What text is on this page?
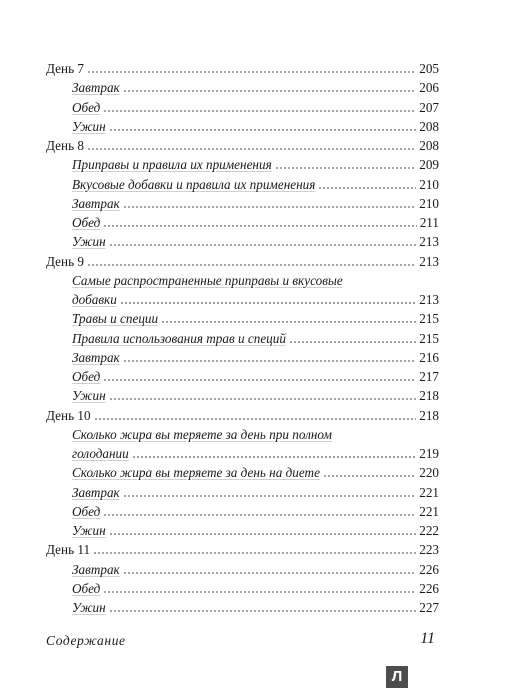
День 7	205
Завтрак	206
Обед	207
Ужин	208
День 8	208
Приправы и правила их применения	209
Вкусовые добавки и правила их применения	210
Завтрак	210
Обед	211
Ужин	213
День 9	213
Самые распространенные приправы и вкусовые
добавки	213
Травы и специи	215
Правила использования трав и специй	215
Завтрак	216
Обед	217
Ужин	218
День 10	218
Сколько жира вы теряете за день при полном
голодании	219
Сколько жира вы теряете за день на диете	220
Завтрак	221
Обед	221
Ужин	222
День 11	223
Завтрак	226
Обед	226
Ужин	227
Содержание	11
Л
